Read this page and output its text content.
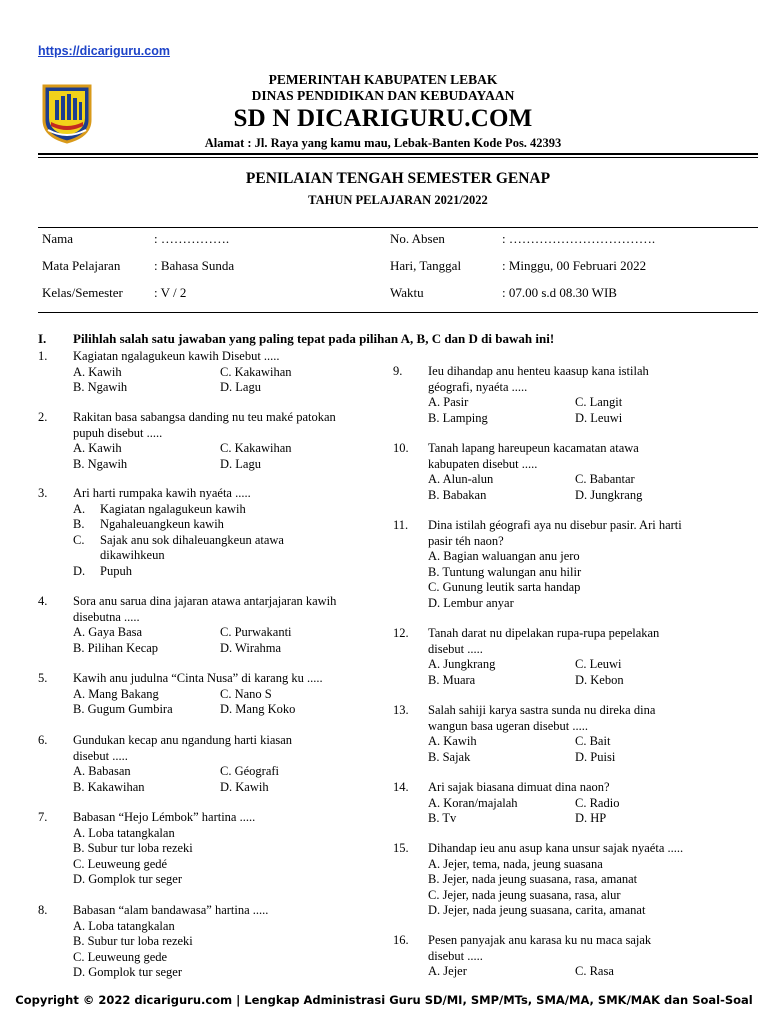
https://dicariguru.com
PEMERINTAH KABUPATEN LEBAK
DINAS PENDIDIKAN DAN KEBUDAYAAN
SD N DICARIGURU.COM
Alamat : Jl. Raya yang kamu mau, Lebak-Banten Kode Pos. 42393
PENILAIAN TENGAH SEMESTER GENAP
TAHUN PELAJARAN 2021/2022
Nama	: …………….	No. Absen	: …………………………….
Mata Pelajaran	: Bahasa Sunda	Hari, Tanggal	: Minggu, 00 Februari 2022
Kelas/Semester : V / 2	Waktu	: 07.00 s.d 08.30 WIB
I. Pilihlah salah satu jawaban yang paling tepat pada pilihan A, B, C dan D di bawah ini!
1. Kagiatan ngalagukeun kawih Disebut .....
A. Kawih	C. Kakawihan
B. Ngawih	D. Lagu
2. Rakitan basa sabangsa danding nu teu maké patokan
pupuh disebut .....
A. Kawih	C. Kakawihan
B. Ngawih	D. Lagu
3. Ari harti rumpaka kawih nyaéta .....
A.	Kagiatan ngalagukeun kawih
B.	Ngahaleuangkeun kawih
C.	Sajak anu sok dihaleuangkeun atawa
dikawihkeun
D.	Pupuh
4. Sora anu sarua dina jajaran atawa antarjajaran kawih
disebutna .....
A. Gaya Basa	C. Purwakanti
B. Pilihan Kecap	D. Wirahma
5. Kawih anu judulna “Cinta Nusa” di karang ku .....
A. Mang Bakang	C. Nano S
B. Gugum Gumbira	D. Mang Koko
6. Gundukan kecap anu ngandung harti kiasan
disebut .....
A. Babasan	C. Géografi
B. Kakawihan	D. Kawih
7. Babasan “Hejo Lémbok” hartina .....
A. Loba tatangkalan
B. Subur tur loba rezeki
C. Leuweung gedé
D. Gomplok tur seger
8. Babasan “alam bandawasa” hartina .....
A. Loba tatangkalan
B. Subur tur loba rezeki
C. Leuweung gede
D. Gomplok tur seger
9. Ieu dihandap anu henteu kaasup kana istilah
géografi, nyaéta .....
A. Pasir	C. Langit
B. Lamping	D. Leuwi
10. Tanah lapang hareupeun kacamatan atawa
kabupaten disebut .....
A. Alun-alun	C. Babantar
B. Babakan	D. Jungkrang
11. Dina istilah géografi aya nu disebur pasir. Ari harti
pasir téh naon?
A. Bagian waluangan anu jero
B. Tuntung walungan anu hilir
C. Gunung leutik sarta handap
D. Lembur anyar
12. Tanah darat nu dipelakan rupa-rupa pepelakan
disebut .....
A. Jungkrang	C. Leuwi
B. Muara	D. Kebon
13. Salah sahiji karya sastra sunda nu direka dina
wangun basa ugeran disebut .....
A. Kawih	C. Bait
B. Sajak	D. Puisi
14. Ari sajak biasana dimuat dina naon?
A. Koran/majalah	C. Radio
B. Tv	D. HP
15. Dihandap ieu anu asup kana unsur sajak nyaéta .....
A. Jejer, tema, nada, jeung suasana
B. Jejer, nada jeung suasana, rasa, amanat
C. Jejer, nada jeung suasana, rasa, alur
D. Jejer, nada jeung suasana, carita, amanat
16. Pesen panyajak anu karasa ku nu maca sajak
disebut .....
A. Jejer	C. Rasa
Copyright © 2022 dicariguru.com | Lengkap Administrasi Guru SD/MI, SMP/MTs, SMA/MA, SMK/MAK dan Soal-Soal
